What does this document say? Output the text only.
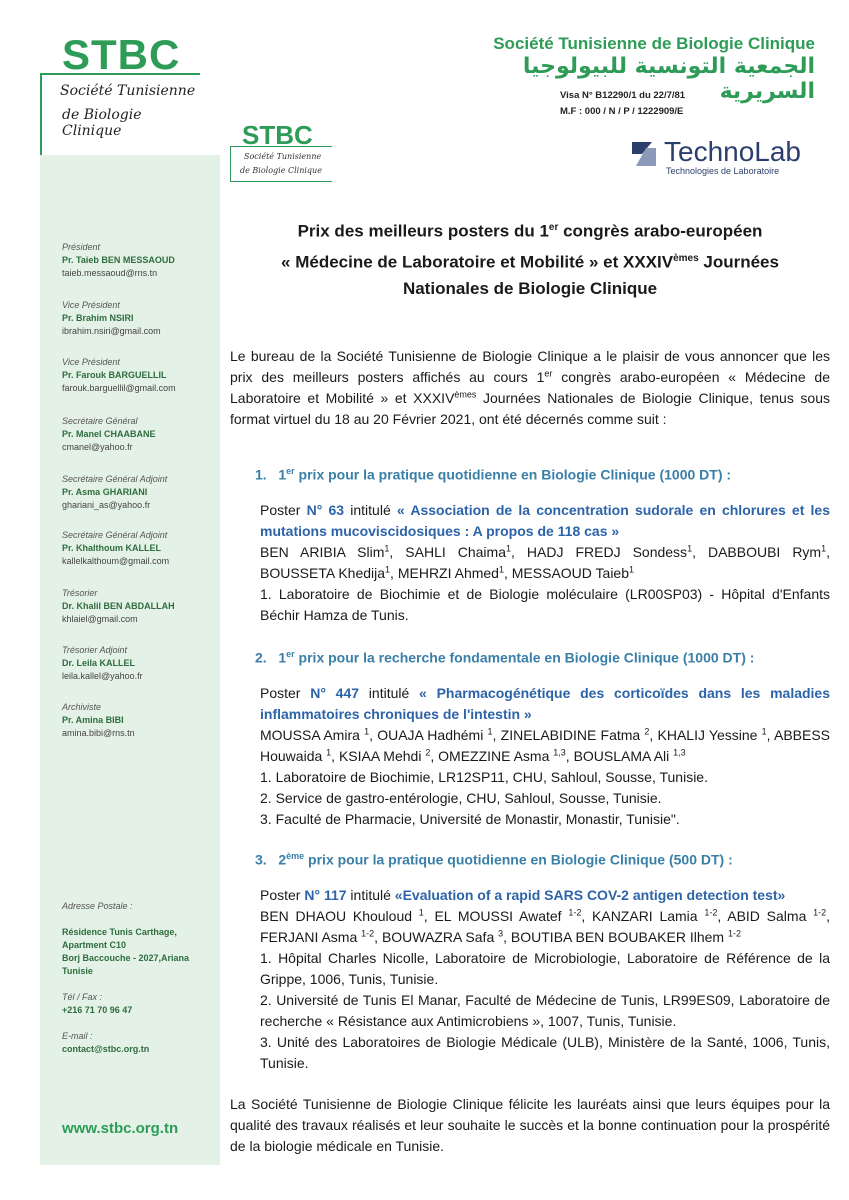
STBC
Société Tunisienne
de Biologie Clinique
Société Tunisienne de Biologie Clinique
الجمعية التونسية للبيولوجيا السريرية
Visa N° B12290/1 du 22/7/81
M.F : 000 / N / P / 1222909/E
STBC
Société Tunisienne
de Biologie Clinique
TechnoLab
Technologies de Laboratoire
Président
Pr. Taieb BEN MESSAOUD
taieb.messaoud@rns.tn
Vice Président
Pr. Brahim NSIRI
ibrahim.nsiri@gmail.com
Vice Président
Pr. Farouk BARGUELLIL
farouk.barguellil@gmail.com
Secrétaire Général
Pr. Manel CHAABANE
cmanel@yahoo.fr
Secrétaire Général Adjoint
Pr. Asma GHARIANI
ghariani_as@yahoo.fr
Secrétaire Général Adjoint
Pr. Khalthoum KALLEL
kallelkalthoum@gmail.com
Trésorier
Dr. Khalil BEN ABDALLAH
khlaiel@gmail.com
Trésorier Adjoint
Dr. Leila KALLEL
leila.kallel@yahoo.fr
Archiviste
Pr. Amina BIBI
amina.bibi@rns.tn
Adresse Postale :
Résidence Tunis Carthage,
Apartment C10
Borj Baccouche - 2027,Ariana
Tunisie
Tél / Fax :
+216 71 70 96 47
E-mail :
contact@stbc.org.tn
www.stbc.org.tn
Prix des meilleurs posters du 1er congrès arabo-européen
« Médecine de Laboratoire et Mobilité » et XXXIVèmes Journées
Nationales de Biologie Clinique
Le bureau de la Société Tunisienne de Biologie Clinique a le plaisir de vous annoncer que les prix des meilleurs posters affichés au cours 1er congrès arabo-européen « Médecine de Laboratoire et Mobilité » et XXXIVèmes Journées Nationales de Biologie Clinique, tenus sous format virtuel du 18 au 20 Février 2021, ont été décernés comme suit :
1. 1er prix pour la pratique quotidienne en Biologie Clinique (1000 DT) :
Poster N° 63 intitulé « Association de la concentration sudorale en chlorures et les mutations mucoviscidosiques : A propos de 118 cas »
BEN ARIBIA Slim$^1$, SAHLI Chaima$^1$, HADJ FREDJ Sondess$^1$, DABBOUBI Rym$^1$, BOUSSETA Khedija$^1$, MEHRZI Ahmed$^1$, MESSAOUD Taieb$^1$
1. Laboratoire de Biochimie et de Biologie moléculaire (LR00SP03) - Hôpital d'Enfants Béchir Hamza de Tunis.
2. 1er prix pour la recherche fondamentale en Biologie Clinique (1000 DT) :
Poster N° 447 intitulé « Pharmacogénétique des corticoïdes dans les maladies inflammatoires chroniques de l'intestin »
MOUSSA Amira $^1$, OUAJA Hadhémi $^1$, ZINELABIDINE Fatma $^2$, KHALIJ Yessine $^1$, ABBESS Houwaida $^1$, KSIAA Mehdi $^2$, OMEZZINE Asma $^{1,3}$, BOUSLAMA Ali $^{1,3}$
1. Laboratoire de Biochimie, LR12SP11, CHU, Sahloul, Sousse, Tunisie.
2. Service de gastro-entérologie, CHU, Sahloul, Sousse, Tunisie.
3. Faculté de Pharmacie, Université de Monastir, Monastir, Tunisie".
3. 2ème prix pour la pratique quotidienne en Biologie Clinique (500 DT) :
Poster N° 117 intitulé «Evaluation of a rapid SARS COV-2 antigen detection test»
BEN DHAOU Khouloud $^1$, EL MOUSSI Awatef $^{1-2}$, KANZARI Lamia $^{1-2}$, ABID Salma $^{1-2}$, FERJANI Asma $^{1-2}$, BOUWAZRA Safa $^3$, BOUTIBA BEN BOUBAKER Ilhem $^{1-2}$
1. Hôpital Charles Nicolle, Laboratoire de Microbiologie, Laboratoire de Référence de la Grippe, 1006, Tunis, Tunisie.
2. Université de Tunis El Manar, Faculté de Médecine de Tunis, LR99ES09, Laboratoire de recherche « Résistance aux Antimicrobiens », 1007, Tunis, Tunisie.
3. Unité des Laboratoires de Biologie Médicale (ULB), Ministère de la Santé, 1006, Tunis, Tunisie.
La Société Tunisienne de Biologie Clinique félicite les lauréats ainsi que leurs équipes pour la qualité des travaux réalisés et leur souhaite le succès et la bonne continuation pour la prospérité de la biologie médicale en Tunisie.
